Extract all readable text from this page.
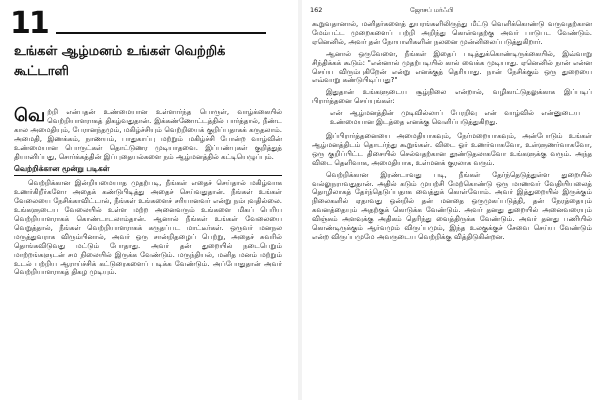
11
உங்கள் ஆழ்மனம் உங்கள் வெற்றிக் கூட்டாளி

வெற்றி என்பதன் உண்மையான உள்ளார்ந்த பொருள், வாழ்க்கையில் வெற்றியாளராகத் திகழ்வதுதான். இக்கண்ணோட்டத்தில் பார்த்தால், நீண்ட கால அமைதியும், பேரானந்தமும், மகிழ்ச்சியும் வெற்றியைக் குறிப்பதாகக் கருதலாம். அமைதி, இணக்கம், நாணயம், பாதுகாப்பு மற்றும் மகிழ்ச்சி போன்ற வாழ்வின் உண்மையான பொருட்கள் தொட்டுணர முடியாதவை. இப்பண்புகள் குறித்துத் தியானிப்பது, சொர்க்கத்தின் இப்புதையல்களை நம் ஆழ்மனத்தில் கட்டியெழுப்பும்.

வெற்றிக்கான மூன்று படிகள்

வெற்றிக்கான இன்றியமையாத முதற்படி, நீங்கள் எதைச் செய்தால் மகிழ்வாக உணர்கிறீர்களோ அதைக் கண்டுபிடித்து அதைச் செய்வதுதான். நீங்கள் உங்கள் வேலையை நேசிக்காவிட்டால், நீங்கள் உங்களைச் சரியானவர் என்று நம்புவதில்லை. உங்களுடைய வேலையில் உள்ள மற்ற அனைவரும் உங்களை மிகப் பெரிய வெற்றியாளராகக் கொண்டாடலாம்தான். ஆனால் நீங்கள் உங்கள் வேலையை வெறுத்தால், நீங்கள் வெற்றியாளராகக் கருதப்பட மாட்டீர்கள். ஒருவர் மனநல மருத்துவராக விரும்பினால், அவர் ஒரு சான்றிதழைப் பெற்று, அதைச் சுவரில் தொங்கவிடுவது மட்டும் போதாது. அவர் தன் துறையில் நடைபெறும் மாற்றங்களுடன் சம நிலையில் இருக்க வேண்டும். மருந்தியல், மனித மனம் மற்றும் உடல் பற்றிய ஆராய்ச்சிக் கட்டுரைகளைப் படிக்க வேண்டும். அப்போதுதான் அவர் வெற்றியாளராகத் திகழ முடியும்.

162	ஜோசப் மர்ஃபி

கூறுவதானால், மனிதர்களைத் துயரங்களிலிருந்து மீட்டு வெளிக்கொண்டு வருவதற்கான மேம்பட்ட முறைகளைப் பற்றி அறிந்து கொள்வதற்கு அவர் பாடுபட வேண்டும். ஏனெனில், அவர் தன் நோயாளிகளின் நலனை முன்னிலைப்படுத்துகிறார்.

ஆனால் ஒருவேளை, நீங்கள் இதைப் படித்துக்கொண்டிருக்கையில், இவ்வாறு சிந்திக்கக் கூடும்: "என்னால் முதற்படியில் கால் வைக்க முடியாது. ஏனெனில் நான் என்ன செய்ய விரும்புகிறேன் என்று எனக்குத் தெரியாது. நான் நேசிக்கும் ஒரு துறையை எவ்வாறு கண்டுபிடிப்பது?"

இதுதான் உங்களுடைய சூழ்நிலை என்றால், வழிகாட்டுதலுக்காக இப்படிப் பிரார்த்தனை செய்யுங்கள்:

என் ஆழ்மனத்தின் முடிவில்லாப் பேரறிவு என் வாழ்வில் என்னுடைய உண்மையான இடத்தை எனக்கு வெளிப்படுத்துகிறது.

இப்பிரார்த்தனையை அமைதியாகவும், நேர்மறையாகவும், அன்போடும் உங்கள் ஆழ்மனத்திடம் தொடர்ந்து கூறுங்கள். விடை ஓர் உணர்வாகவோ, உள்ளுணர்வாகவோ, ஒரு குறிப்பிட்ட திசையில் செல்வதற்கான தூண்டுதலாகவோ உங்களுக்கு வரும். அந்த விடை தெளிவாக, அமைதியாக, உள்மனக் குரலாக வரும்.

வெற்றிக்கான இரண்டாவது படி, நீங்கள் தேர்ந்தெடுத்துள்ள துறையில் வல்லுநராவதுதான். அதில் கடும் முயற்சி மேற்கொண்டு ஒரு மாணவர் வேதியியலைத் தொழிலாகத் தேர்ந்தெடுப்பதாக வைத்துக் கொள்வோம். அவர் இத்துறையில் இருக்கும் நிலைகளில் ஏதாவது ஒன்றில் தன் மனதை ஒருமுகப்படுத்தி, தன் நேரத்தையும் கவனத்தையும் அதற்குக் கொடுக்க வேண்டும். அவர் தனது துறையில் அனைவரையும் விஞ்சும் அளவுக்கு அதிகம் தெரிந்து வைத்திருக்க வேண்டும். அவர் தனது பணியில் கொண்டிருக்கும் ஆர்வமும் விருப்பமும், இந்த உலகுக்குச் சேவை செய்ய வேண்டும் என்ற விருப்பமுமே அவருடைய வெற்றிக்கு வித்திடுகின்றன.
